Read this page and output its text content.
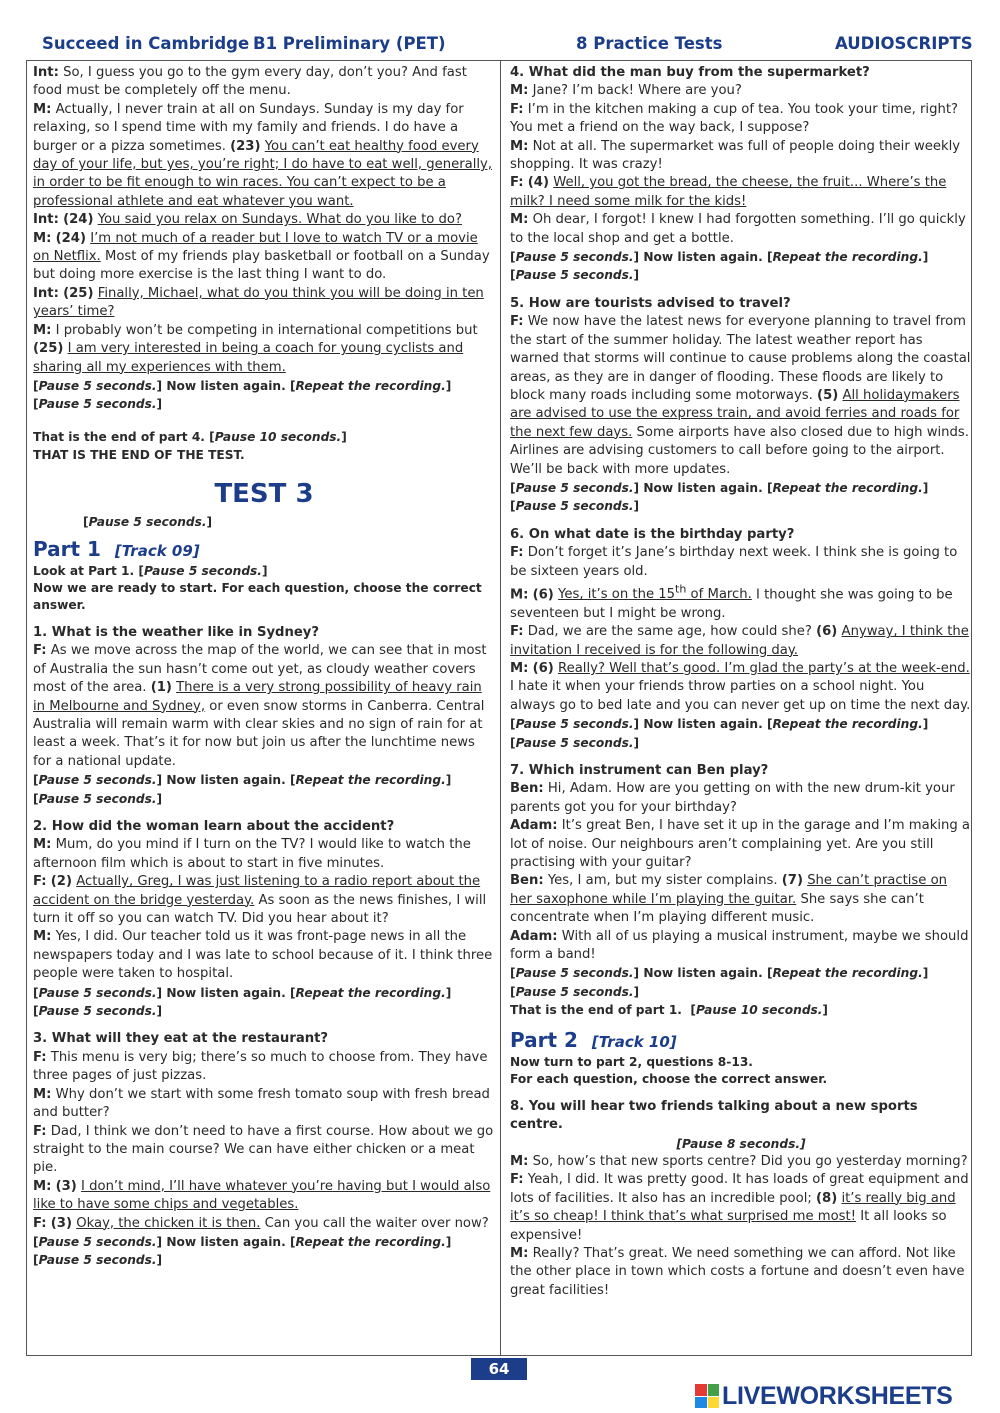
Succeed in Cambridge B1 Preliminary (PET)	8 Practice Tests	AUDIOSCRIPTS

Int: So, I guess you go to the gym every day, don’t you? And fast food must be completely off the menu.

M: Actually, I never train at all on Sundays. Sunday is my day for relaxing, so I spend time with my family and friends. I do have a burger or a pizza sometimes. (23) You can’t eat healthy food every day of your life, but yes, you’re right; I do have to eat well, generally, in order to be fit enough to win races. You can’t expect to be a professional athlete and eat whatever you want.

Int: (24) You said you relax on Sundays. What do you like to do?

M: (24) I’m not much of a reader but I love to watch TV or a movie on Netflix. Most of my friends play basketball or football on a Sunday but doing more exercise is the last thing I want to do.

Int: (25) Finally, Michael, what do you think you will be doing in ten years’ time?

M: I probably won’t be competing in international competitions but (25) I am very interested in being a coach for young cyclists and sharing all my experiences with them.

[Pause 5 seconds.] Now listen again. [Repeat the recording.]

[Pause 5 seconds.]

That is the end of part 4. [Pause 10 seconds.]

THAT IS THE END OF THE TEST.

TEST 3

[Pause 5 seconds.]

Part 1 [Track 09]

Look at Part 1. [Pause 5 seconds.]

Now we are ready to start. For each question, choose the correct answer.

1. What is the weather like in Sydney?

F: As we move across the map of the world, we can see that in most of Australia the sun hasn’t come out yet, as cloudy weather covers most of the area. (1) There is a very strong possibility of heavy rain in Melbourne and Sydney, or even snow storms in Canberra. Central Australia will remain warm with clear skies and no sign of rain for at least a week. That’s it for now but join us after the lunchtime news for a national update.

[Pause 5 seconds.] Now listen again. [Repeat the recording.]

[Pause 5 seconds.]

2. How did the woman learn about the accident?

M: Mum, do you mind if I turn on the TV? I would like to watch the afternoon film which is about to start in five minutes.

F: (2) Actually, Greg, I was just listening to a radio report about the accident on the bridge yesterday. As soon as the news finishes, I will turn it off so you can watch TV. Did you hear about it?

M: Yes, I did. Our teacher told us it was front-page news in all the newspapers today and I was late to school because of it. I think three people were taken to hospital.

[Pause 5 seconds.] Now listen again. [Repeat the recording.]

[Pause 5 seconds.]

3. What will they eat at the restaurant?

F: This menu is very big; there’s so much to choose from. They have three pages of just pizzas.

M: Why don’t we start with some fresh tomato soup with fresh bread and butter?

F: Dad, I think we don’t need to have a first course. How about we go straight to the main course? We can have either chicken or a meat pie.

M: (3) I don’t mind, I’ll have whatever you’re having but I would also like to have some chips and vegetables.

F: (3) Okay, the chicken it is then. Can you call the waiter over now?

[Pause 5 seconds.] Now listen again. [Repeat the recording.]

[Pause 5 seconds.]

4. What did the man buy from the supermarket?

M: Jane? I’m back! Where are you?

F: I’m in the kitchen making a cup of tea. You took your time, right? You met a friend on the way back, I suppose?

M: Not at all. The supermarket was full of people doing their weekly shopping. It was crazy!

F: (4) Well, you got the bread, the cheese, the fruit... Where’s the milk? I need some milk for the kids!

M: Oh dear, I forgot! I knew I had forgotten something. I’ll go quickly to the local shop and get a bottle.

[Pause 5 seconds.] Now listen again. [Repeat the recording.]

[Pause 5 seconds.]

5. How are tourists advised to travel?

F: We now have the latest news for everyone planning to travel from the start of the summer holiday. The latest weather report has warned that storms will continue to cause problems along the coastal areas, as they are in danger of flooding. These floods are likely to block many roads including some motorways. (5) All holidaymakers are advised to use the express train, and avoid ferries and roads for the next few days. Some airports have also closed due to high winds. Airlines are advising customers to call before going to the airport. We’ll be back with more updates.

[Pause 5 seconds.] Now listen again. [Repeat the recording.]

[Pause 5 seconds.]

6. On what date is the birthday party?

F: Don’t forget it’s Jane’s birthday next week. I think she is going to be sixteen years old.

M: (6) Yes, it’s on the 15th of March. I thought she was going to be seventeen but I might be wrong.

F: Dad, we are the same age, how could she? (6) Anyway, I think the invitation I received is for the following day.

M: (6) Really? Well that’s good. I’m glad the party’s at the week-end. I hate it when your friends throw parties on a school night. You always go to bed late and you can never get up on time the next day.

[Pause 5 seconds.] Now listen again. [Repeat the recording.]

[Pause 5 seconds.]

7. Which instrument can Ben play?

Ben: Hi, Adam. How are you getting on with the new drum-kit your parents got you for your birthday?

Adam: It’s great Ben, I have set it up in the garage and I’m making a lot of noise. Our neighbours aren’t complaining yet. Are you still practising with your guitar?

Ben: Yes, I am, but my sister complains. (7) She can’t practise on her saxophone while I’m playing the guitar. She says she can’t concentrate when I’m playing different music.

Adam: With all of us playing a musical instrument, maybe we should form a band!

[Pause 5 seconds.] Now listen again. [Repeat the recording.]

[Pause 5 seconds.]

That is the end of part 1.  [Pause 10 seconds.]

Part 2 [Track 10]

Now turn to part 2, questions 8-13.

For each question, choose the correct answer.

8. You will hear two friends talking about a new sports centre.

[Pause 8 seconds.]

M: So, how’s that new sports centre? Did you go yesterday morning?

F: Yeah, I did. It was pretty good. It has loads of great equipment and lots of facilities. It also has an incredible pool; (8) it’s really big and it’s so cheap! I think that’s what surprised me most! It all looks so expensive!

M: Really? That’s great. We need something we can afford. Not like the other place in town which costs a fortune and doesn’t even have great facilities!

64
LIVEWORKSHEETS
